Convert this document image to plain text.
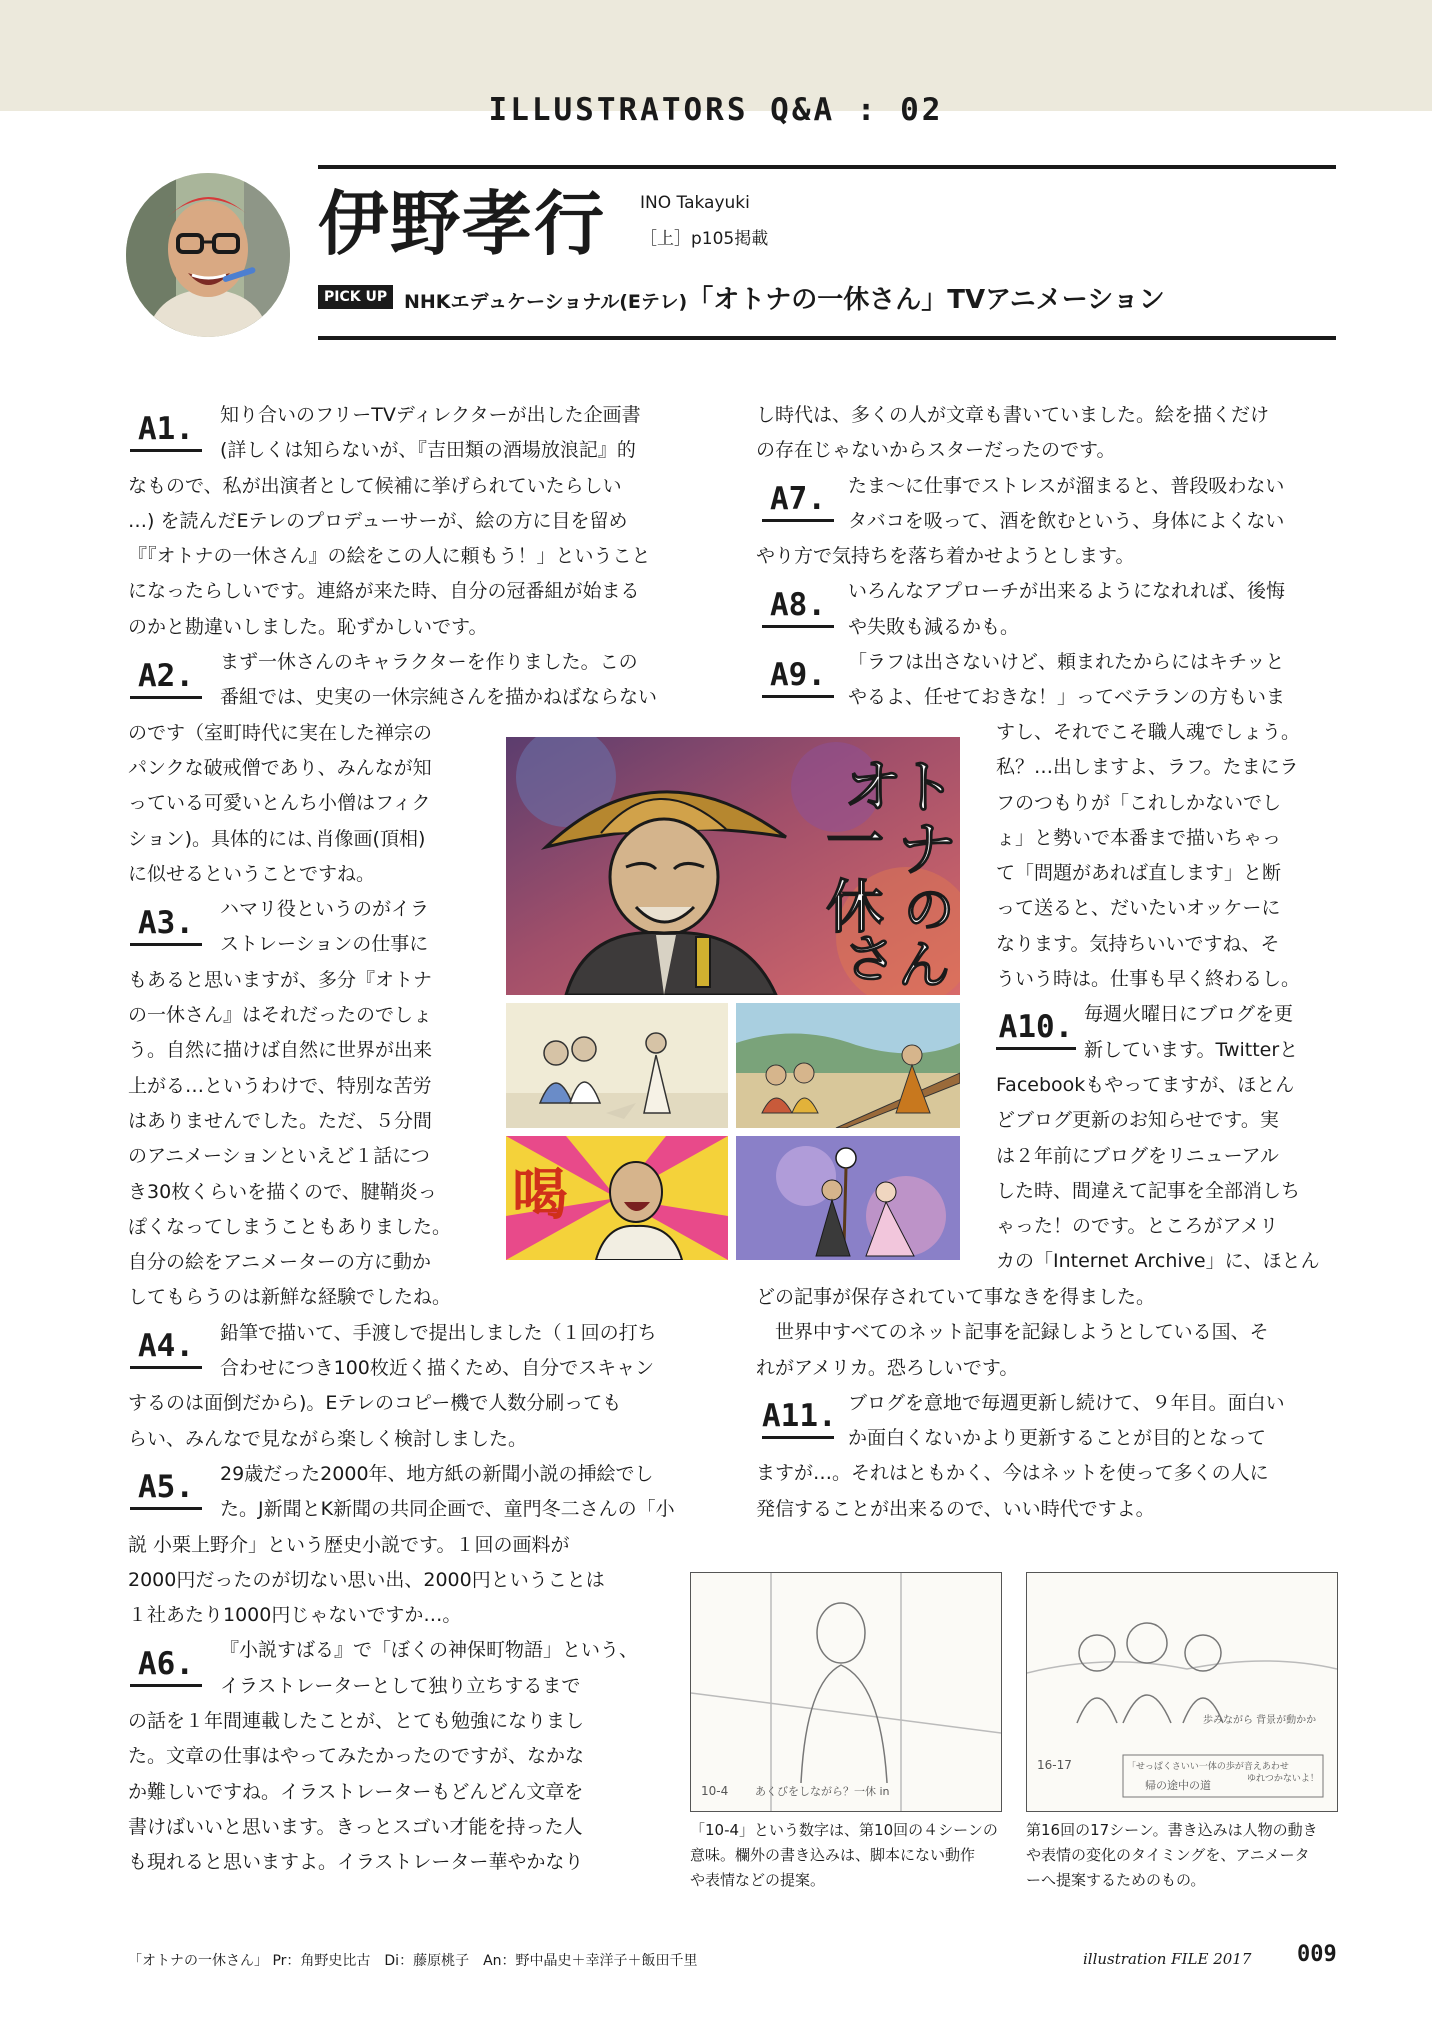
ILLUSTRATORS Q&A : 02
伊野孝行 INO Takayuki
［上］p105掲載
PICK UP NHKエデュケーショナル(Eテレ)「オトナの一休さん」TVアニメーション
A1.
A2.
A3.
A4.
A5.
A6.
A7.
A8.
A9.
A10.
A11.

知り合いのフリーTVディレクターが出した企画書

(詳しくは知らないが、『吉田類の酒場放浪記』的

なもので、私が出演者として候補に挙げられていたらしい

…) を読んだEテレのプロデューサーが、絵の方に目を留め

『『オトナの一休さん』の絵をこの人に頼もう！」ということ

になったらしいです。連絡が来た時、自分の冠番組が始まる

のかと勘違いしました。恥ずかしいです。

まず一休さんのキャラクターを作りました。この

番組では、史実の一休宗純さんを描かねばならない

のです（室町時代に実在した禅宗の

パンクな破戒僧であり、みんなが知

っている可愛いとんち小僧はフィク

ション)。具体的には､肖像画(頂相)

に似せるということですね。

ハマリ役というのがイラ

ストレーションの仕事に

もあると思いますが、多分『オトナ

の一休さん』はそれだったのでしょ

う。自然に描けば自然に世界が出来

上がる…というわけで、特別な苦労

はありませんでした。ただ、５分間

のアニメーションといえど１話につ

き30枚くらいを描くので、腱鞘炎っ

ぽくなってしまうこともありました。

自分の絵をアニメーターの方に動か

してもらうのは新鮮な経験でしたね。

鉛筆で描いて、手渡しで提出しました（１回の打ち

合わせにつき100枚近く描くため、自分でスキャン

するのは面倒だから)。Eテレのコピー機で人数分刷っても

らい、みんなで見ながら楽しく検討しました。

29歳だった2000年、地方紙の新聞小説の挿絵でし

た。J新聞とK新聞の共同企画で、童門冬二さんの「小

説 小栗上野介」という歴史小説です。１回の画料が

2000円だったのが切ない思い出、2000円ということは

１社あたり1000円じゃないですか…。

『小説すばる』で「ぼくの神保町物語」という、

イラストレーターとして独り立ちするまで

の話を１年間連載したことが、とても勉強になりまし

た。文章の仕事はやってみたかったのですが、なかな

か難しいですね。イラストレーターもどんどん文章を

書けばいいと思います。きっとスゴい才能を持った人

も現れると思いますよ。イラストレーター華やかなり

し時代は、多くの人が文章も書いていました。絵を描くだけ

の存在じゃないからスターだったのです。

たま〜に仕事でストレスが溜まると、普段吸わない

タバコを吸って、酒を飲むという、身体によくない

やり方で気持ちを落ち着かせようとします。

いろんなアプローチが出来るようになれれば、後悔

や失敗も減るかも。

「ラフは出さないけど、頼まれたからにはキチッと

やるよ、任せておきな！」ってベテランの方もいま

すし、それでこそ職人魂でしょう。

私？…出しますよ、ラフ。たまにラ

フのつもりが「これしかないでし

ょ」と勢いで本番まで描いちゃっ

て「問題があれば直します」と断

って送ると、だいたいオッケーに

なります。気持ちいいですね、そ

ういう時は。仕事も早く終わるし。

毎週火曜日にブログを更

新しています。Twitterと

Facebookもやってますが、ほとん

どブログ更新のお知らせです。実

は２年前にブログをリニューアル

した時、間違えて記事を全部消しち

ゃった！のです。ところがアメリ

カの「Internet Archive」に、ほとん

どの記事が保存されていて事なきを得ました。

　世界中すべてのネット記事を記録しようとしている国、そ

れがアメリカ。恐ろしいです。

ブログを意地で毎週更新し続けて、９年目。面白い

か面白くないかより更新することが目的となって

ますが…。それはともかく、今はネットを使って多くの人に

発信することが出来るので、いい時代ですよ。

オ
ト
ナ
の
一
休
さ ん
喝
10-4 あくびをしながら？一休 in
歩みながら 背景が動かか
「せっぱくさいい一体の歩が音えあわせ
ゆれつかないよ！
帰の途中の道
16-17

「10-4」という数字は、第10回の４シーンの

意味。欄外の書き込みは、脚本にない動作

や表情などの提案。

第16回の17シーン。書き込みは人物の動き

や表情の変化のタイミングを、アニメータ

ーへ提案するためのもの。

「オトナの一休さん」 Pr：角野史比古　Di：藤原桃子　An：野中晶史＋幸洋子＋飯田千里	illustration FILE 2017 009
